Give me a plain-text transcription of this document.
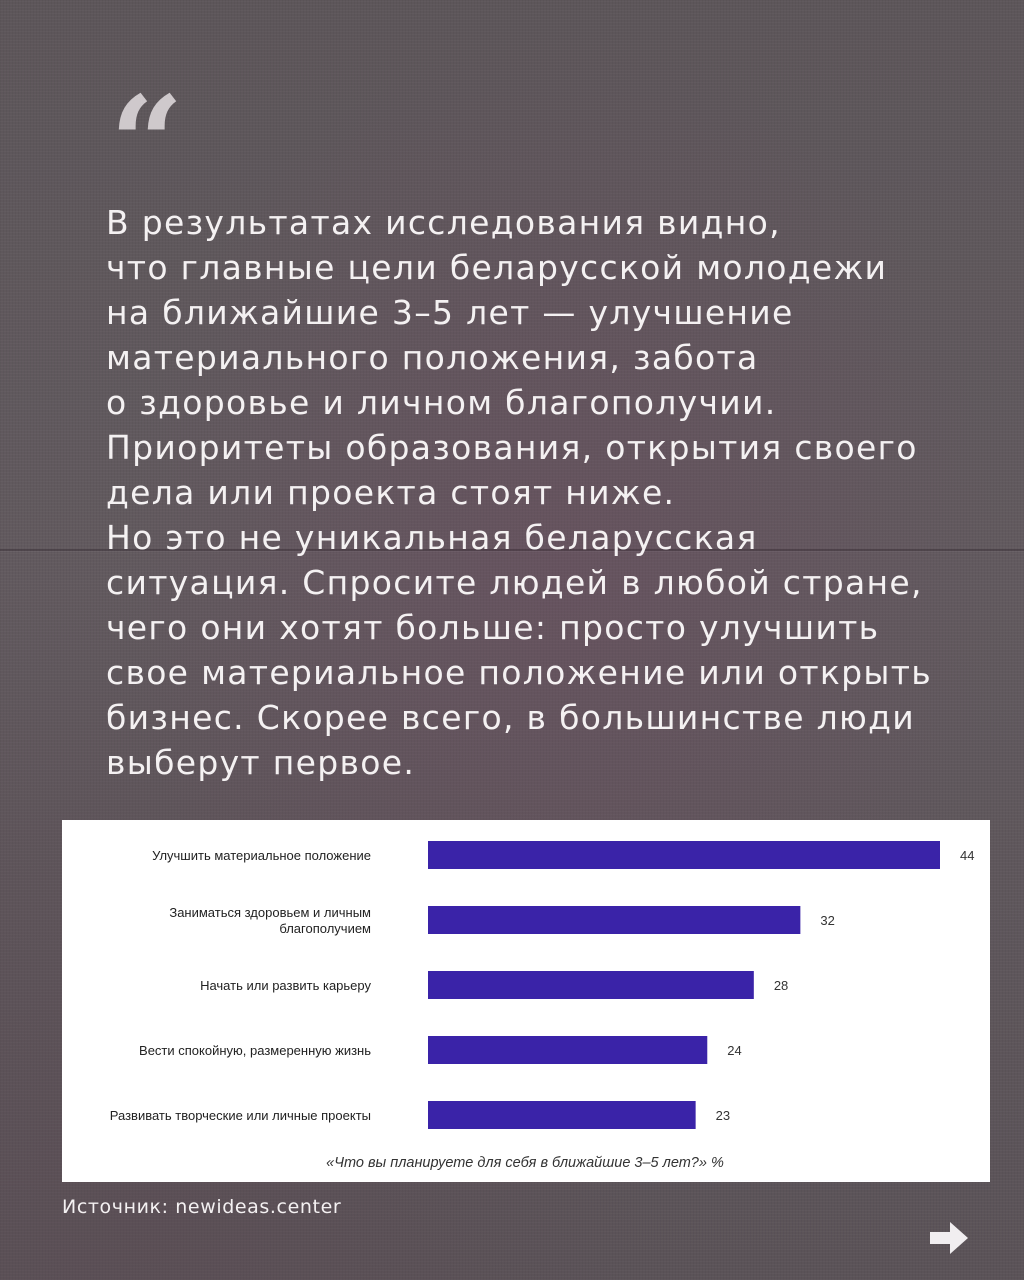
“
В результатах исследования видно,
что главные цели беларусской молодежи
на ближайшие 3–5 лет — улучшение
материального положения, забота
о здоровье и личном благополучии.
Приоритеты образования, открытия своего
дела или проекта стоят ниже.
Но это не уникальная беларусская
ситуация. Спросите людей в любой стране,
чего они хотят больше: просто улучшить
свое материальное положение или открыть
бизнес. Скорее всего, в большинстве люди
выберут первое.
«Что вы планируете для себя в ближайшие 3–5 лет?» %
44
Улучшить материальное положение
32
Заниматься здоровьем и личным благополучием
28
Начать или развить карьеру
24
Вести спокойную, размеренную жизнь
23
Развивать творческие или личные проекты
Источник: newideas.center
